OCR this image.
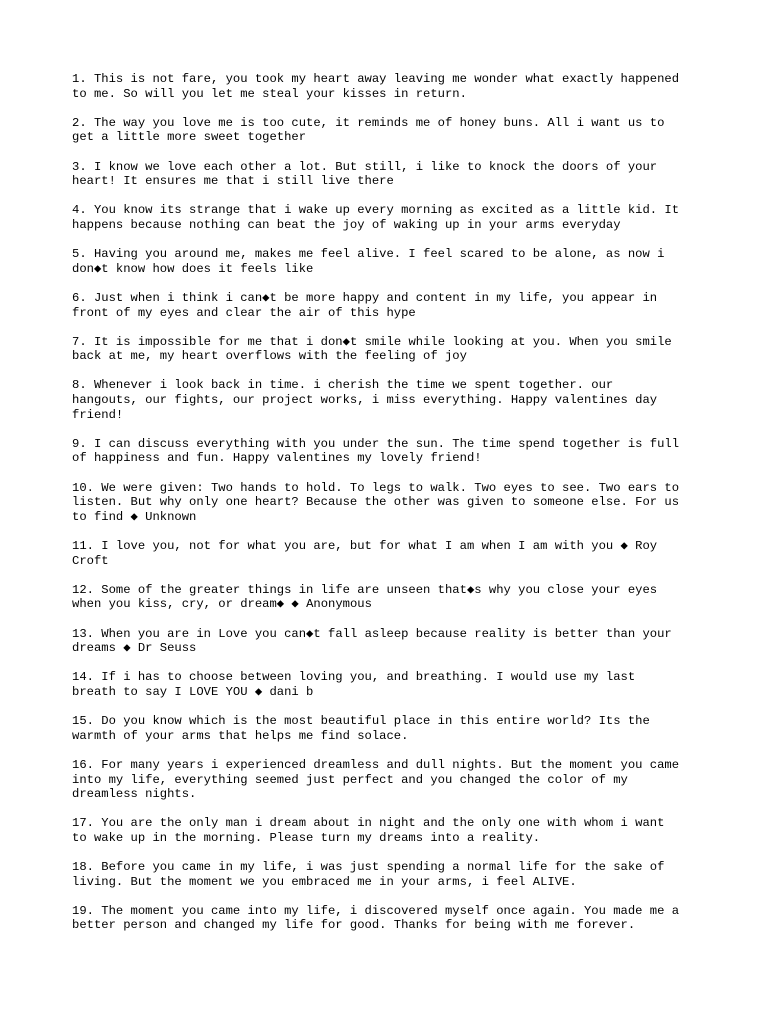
1. This is not fare, you took my heart away leaving me wonder what exactly happened
to me. So will you let me steal your kisses in return.

2. The way you love me is too cute, it reminds me of honey buns. All i want us to
get a little more sweet together

3. I know we love each other a lot. But still, i like to knock the doors of your
heart! It ensures me that i still live there

4. You know its strange that i wake up every morning as excited as a little kid. It
happens because nothing can beat the joy of waking up in your arms everyday

5. Having you around me, makes me feel alive. I feel scared to be alone, as now i
don◆t know how does it feels like

6. Just when i think i can◆t be more happy and content in my life, you appear in
front of my eyes and clear the air of this hype

7. It is impossible for me that i don◆t smile while looking at you. When you smile
back at me, my heart overflows with the feeling of joy

8. Whenever i look back in time. i cherish the time we spent together. our
hangouts, our fights, our project works, i miss everything. Happy valentines day
friend!

9. I can discuss everything with you under the sun. The time spend together is full
of happiness and fun. Happy valentines my lovely friend!

10. We were given: Two hands to hold. To legs to walk. Two eyes to see. Two ears to
listen. But why only one heart? Because the other was given to someone else. For us
to find ◆ Unknown

11. I love you, not for what you are, but for what I am when I am with you ◆ Roy
Croft

12. Some of the greater things in life are unseen that◆s why you close your eyes
when you kiss, cry, or dream◆ ◆ Anonymous

13. When you are in Love you can◆t fall asleep because reality is better than your
dreams ◆ Dr Seuss

14. If i has to choose between loving you, and breathing. I would use my last
breath to say I LOVE YOU ◆ dani b

15. Do you know which is the most beautiful place in this entire world? Its the
warmth of your arms that helps me find solace.

16. For many years i experienced dreamless and dull nights. But the moment you came
into my life, everything seemed just perfect and you changed the color of my
dreamless nights.

17. You are the only man i dream about in night and the only one with whom i want
to wake up in the morning. Please turn my dreams into a reality.

18. Before you came in my life, i was just spending a normal life for the sake of
living. But the moment we you embraced me in your arms, i feel ALIVE.

19. The moment you came into my life, i discovered myself once again. You made me a
better person and changed my life for good. Thanks for being with me forever.
